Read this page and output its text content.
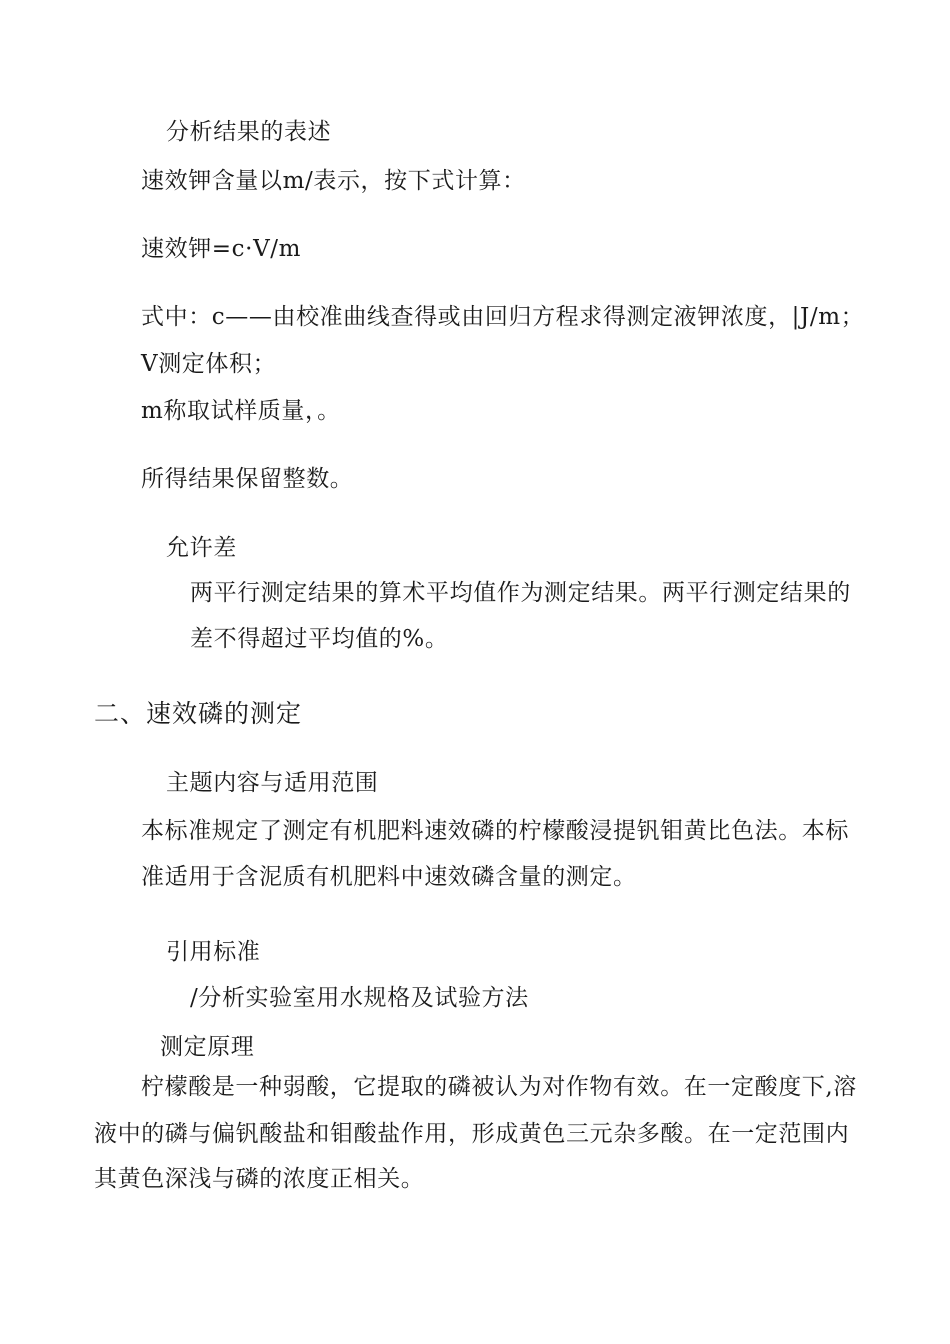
分析结果的表述
速效钾含量以m/表示，按下式计算：
速效钾=c·V/m
式中：c——由校准曲线查得或由回归方程求得测定液钾浓度，|J/m；
V测定体积；
m称取试样质量，。
所得结果保留整数。
允许差
两平行测定结果的算术平均值作为测定结果。两平行测定结果的
差不得超过平均值的%。
二、速效磷的测定
主题内容与适用范围
本标准规定了测定有机肥料速效磷的柠檬酸浸提钒钼黄比色法。本标
准适用于含泥质有机肥料中速效磷含量的测定。
引用标准
/分析实验室用水规格及试验方法
测定原理
柠檬酸是一种弱酸，它提取的磷被认为对作物有效。在一定酸度下,溶
液中的磷与偏钒酸盐和钼酸盐作用，形成黄色三元杂多酸。在一定范围内
其黄色深浅与磷的浓度正相关。
